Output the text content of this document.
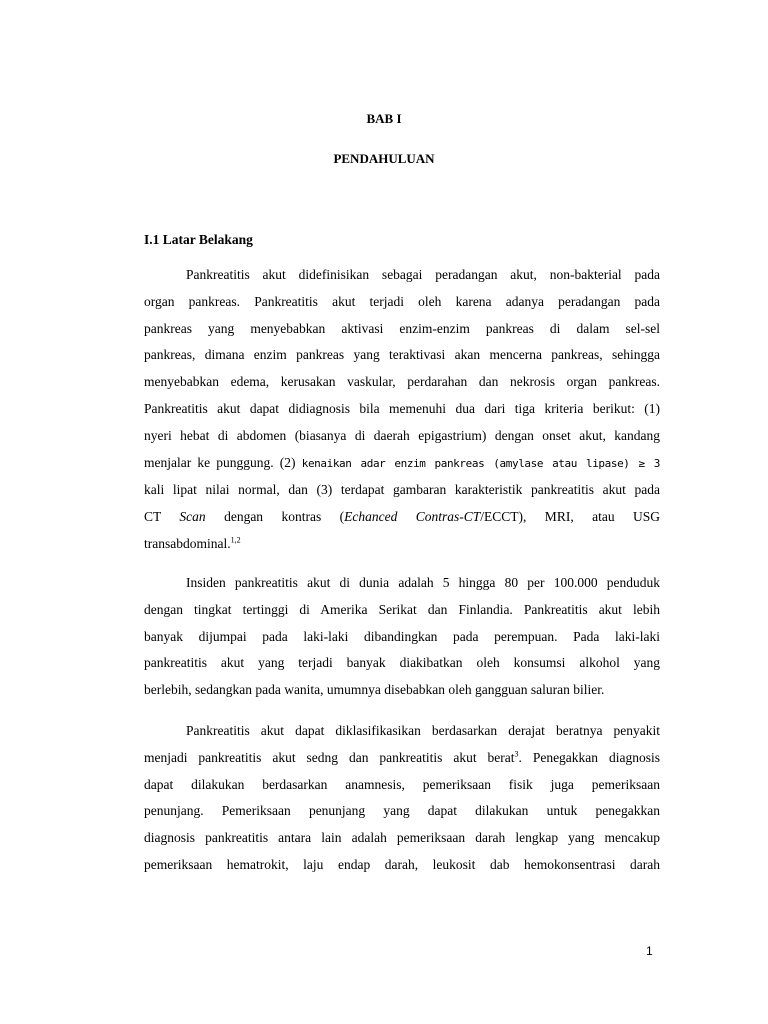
BAB I
PENDAHULUAN
I.1 Latar Belakang
Pankreatitis akut didefinisikan sebagai peradangan akut, non-bakterial pada
organ pankreas. Pankreatitis akut terjadi oleh karena adanya peradangan pada
pankreas yang menyebabkan aktivasi enzim-enzim pankreas di dalam sel-sel
pankreas, dimana enzim pankreas yang teraktivasi akan mencerna pankreas, sehingga
menyebabkan edema, kerusakan vaskular, perdarahan dan nekrosis organ pankreas.
Pankreatitis akut dapat didiagnosis bila memenuhi dua dari tiga kriteria berikut: (1)
nyeri hebat di abdomen (biasanya di daerah epigastrium) dengan onset akut, kandang
menjalar ke punggung. (2) kenaikan adar enzim pankreas (amylase atau lipase) ≥ 3
kali lipat nilai normal, dan (3) terdapat gambaran karakteristik pankreatitis akut pada
CT Scan dengan kontras (Echanced Contras-CT/ECCT), MRI, atau USG
transabdominal.$^{1,2}$
Insiden pankreatitis akut di dunia adalah 5 hingga 80 per 100.000 penduduk
dengan tingkat tertinggi di Amerika Serikat dan Finlandia. Pankreatitis akut lebih
banyak dijumpai pada laki-laki dibandingkan pada perempuan. Pada laki-laki
pankreatitis akut yang terjadi banyak diakibatkan oleh konsumsi alkohol yang
berlebih, sedangkan pada wanita, umumnya disebabkan oleh gangguan saluran bilier.
Pankreatitis akut dapat diklasifikasikan berdasarkan derajat beratnya penyakit
menjadi pankreatitis akut sedng dan pankreatitis akut berat$^3$. Penegakkan diagnosis
dapat dilakukan berdasarkan anamnesis, pemeriksaan fisik juga pemeriksaan
penunjang. Pemeriksaan penunjang yang dapat dilakukan untuk penegakkan
diagnosis pankreatitis antara lain adalah pemeriksaan darah lengkap yang mencakup
pemeriksaan hematrokit, laju endap darah, leukosit dab hemokonsentrasi darah
1
